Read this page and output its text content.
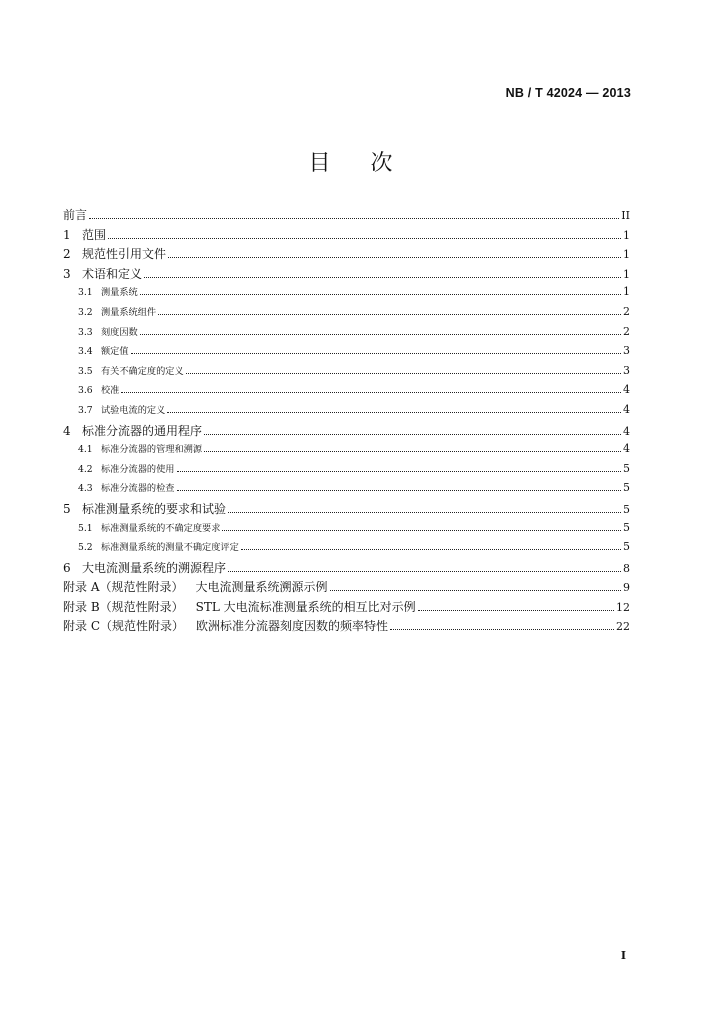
NB / T 42024 — 2013
目次
前言	II
1 范围	1
2 规范性引用文件	1
3 术语和定义	1
3.1 测量系统	1
3.2 测量系统组件	2
3.3 刻度因数	2
3.4 额定值	3
3.5 有关不确定度的定义	3
3.6 校准	4
3.7 试验电流的定义	4
4 标准分流器的通用程序	4
4.1 标准分流器的管理和溯源	4
4.2 标准分流器的使用	5
4.3 标准分流器的检查	5
5 标准测量系统的要求和试验	5
5.1 标准测量系统的不确定度要求	5
5.2 标准测量系统的测量不确定度评定	5
6 大电流测量系统的溯源程序	8
附录 A（规范性附录） 大电流测量系统溯源示例	9
附录 B（规范性附录） STL 大电流标准测量系统的相互比对示例	12
附录 C（规范性附录） 欧洲标准分流器刻度因数的频率特性	22
I
